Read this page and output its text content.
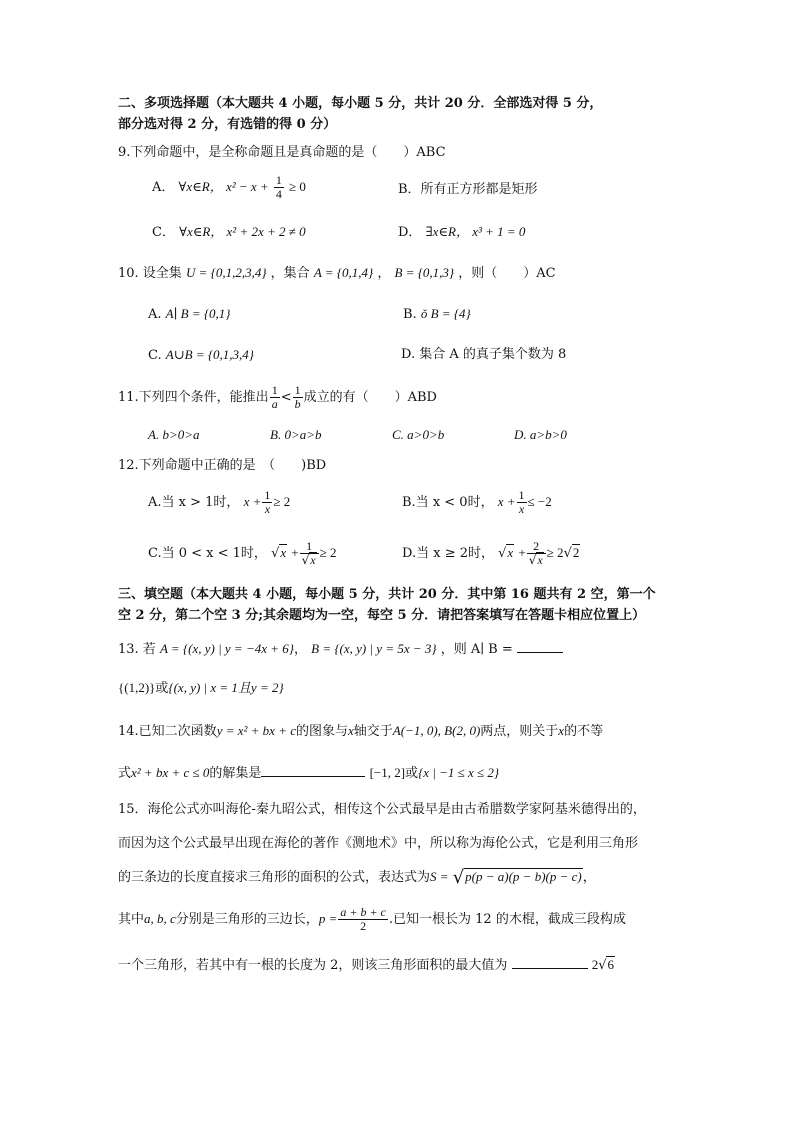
二、多项选择题（本大题共 4 小题，每小题 5 分，共计 20 分．全部选对得 5 分，
部分选对得 2 分，有选错的得 0 分）
9.下列命题中，是全称命题且是真命题的是（　　）ABC
A． ∀x∈R， $x^2 - x + \frac{1}{4} \ge 0$	B．所有正方形都是矩形
C． ∀x∈R， x² + 2x + 2 ≠ 0	D． ∃x∈R， x³ + 1 = 0
10. 设全集 U = {0,1,2,3,4} ，集合 A = {0,1,4} ， B = {0,1,3} ，则（　　）AC
A. A∣ B = {0,1}	B. ǒ B = {4}
C. A∪B = {0,1,3,4}	D. 集合 A 的真子集个数为 8
11.下列四个条件，能推出 $\frac{1}{a} < \frac{1}{b}$ 成立的有（　　）ABD
A. b>0>a	B. 0>a>b	C. a>0>b	D. a>b>0
12.下列命题中正确的是　（　　)BD
A.当 x > 1时， $x + \frac{1}{x} \ge 2$	B.当 x < 0时， $x + \frac{1}{x} \le -2$
C.当 0 < x < 1时， $√x + \frac{1}{√x} \ge 2$	D.当 x ≥ 2时， $√x + \frac{2}{√x} \ge 2√2$
三、填空题（本大题共 4 小题，每小题 5 分，共计 20 分．其中第 16 题共有 2 空，第一个
空 2 分，第二个空 3 分;其余题均为一空，每空 5 分．请把答案填写在答题卡相应位置上）
13. 若 A = {(x, y) | y = −4x + 6}， B = {(x, y) | y = 5x − 3} ，则 A∣ B =
{(1,2)}或{(x, y) | x = 1且y = 2}
14.已知二次函数y = x² + bx + c的图象与x轴交于A(−1, 0), B(2, 0)两点，则关于x的不等
式x² + bx + c ≤ 0的解集是	[−1, 2]或{x | −1 ≤ x ≤ 2}
15．海伦公式亦叫海伦-秦九昭公式，相传这个公式最早是由古希腊数学家阿基米德得出的，
而因为这个公式最早出现在海伦的著作《测地术》中，所以称为海伦公式，它是利用三角形
的三条边的长度直接求三角形的面积的公式，表达式为S = √p(p − a)(p − b)(p − c)，
其中a, b, c分别是三角形的三边长，$p = \frac{a + b + c}{2}$ .已知一根长为 12 的木棍，截成三段构成
一个三角形，若其中有一根的长度为 2，则该三角形面积的最大值为	2√6
